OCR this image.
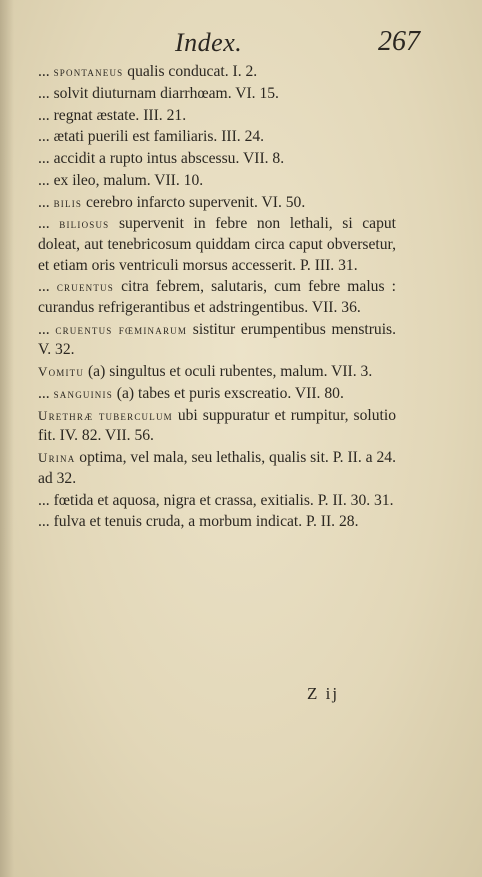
Index.	267

... spontaneus qualis conducat. I. 2.

... solvit diuturnam diarrhœam. VI. 15.

... regnat æstate. III. 21.

... ætati puerili est familiaris. III. 24.

... accidit a rupto intus abscessu. VII. 8.

... ex ileo, malum. VII. 10.

... bilis cerebro infarcto supervenit. VI. 50.

... biliosus supervenit in febre non lethali, si caput doleat, aut tenebricosum quiddam circa caput obversetur, et etiam oris ventriculi morsus accesserit. P. III. 31.

... cruentus citra febrem, salutaris, cum febre malus : curandus refrigerantibus et adstringentibus. VII. 36.

... cruentus fœminarum sistitur erumpentibus menstruis. V. 32.

Vomitu (a) singultus et oculi rubentes, malum. VII. 3.

... sanguinis (a) tabes et puris exscreatio. VII. 80.

Urethræ tuberculum ubi suppuratur et rumpitur, solutio fit. IV. 82. VII. 56.

Urina optima, vel mala, seu lethalis, qualis sit. P. II. a 24. ad 32.

... fœtida et aquosa, nigra et crassa, exitialis. P. II. 30. 31.

... fulva et tenuis cruda, a morbum indicat. P. II. 28.

Z ij
